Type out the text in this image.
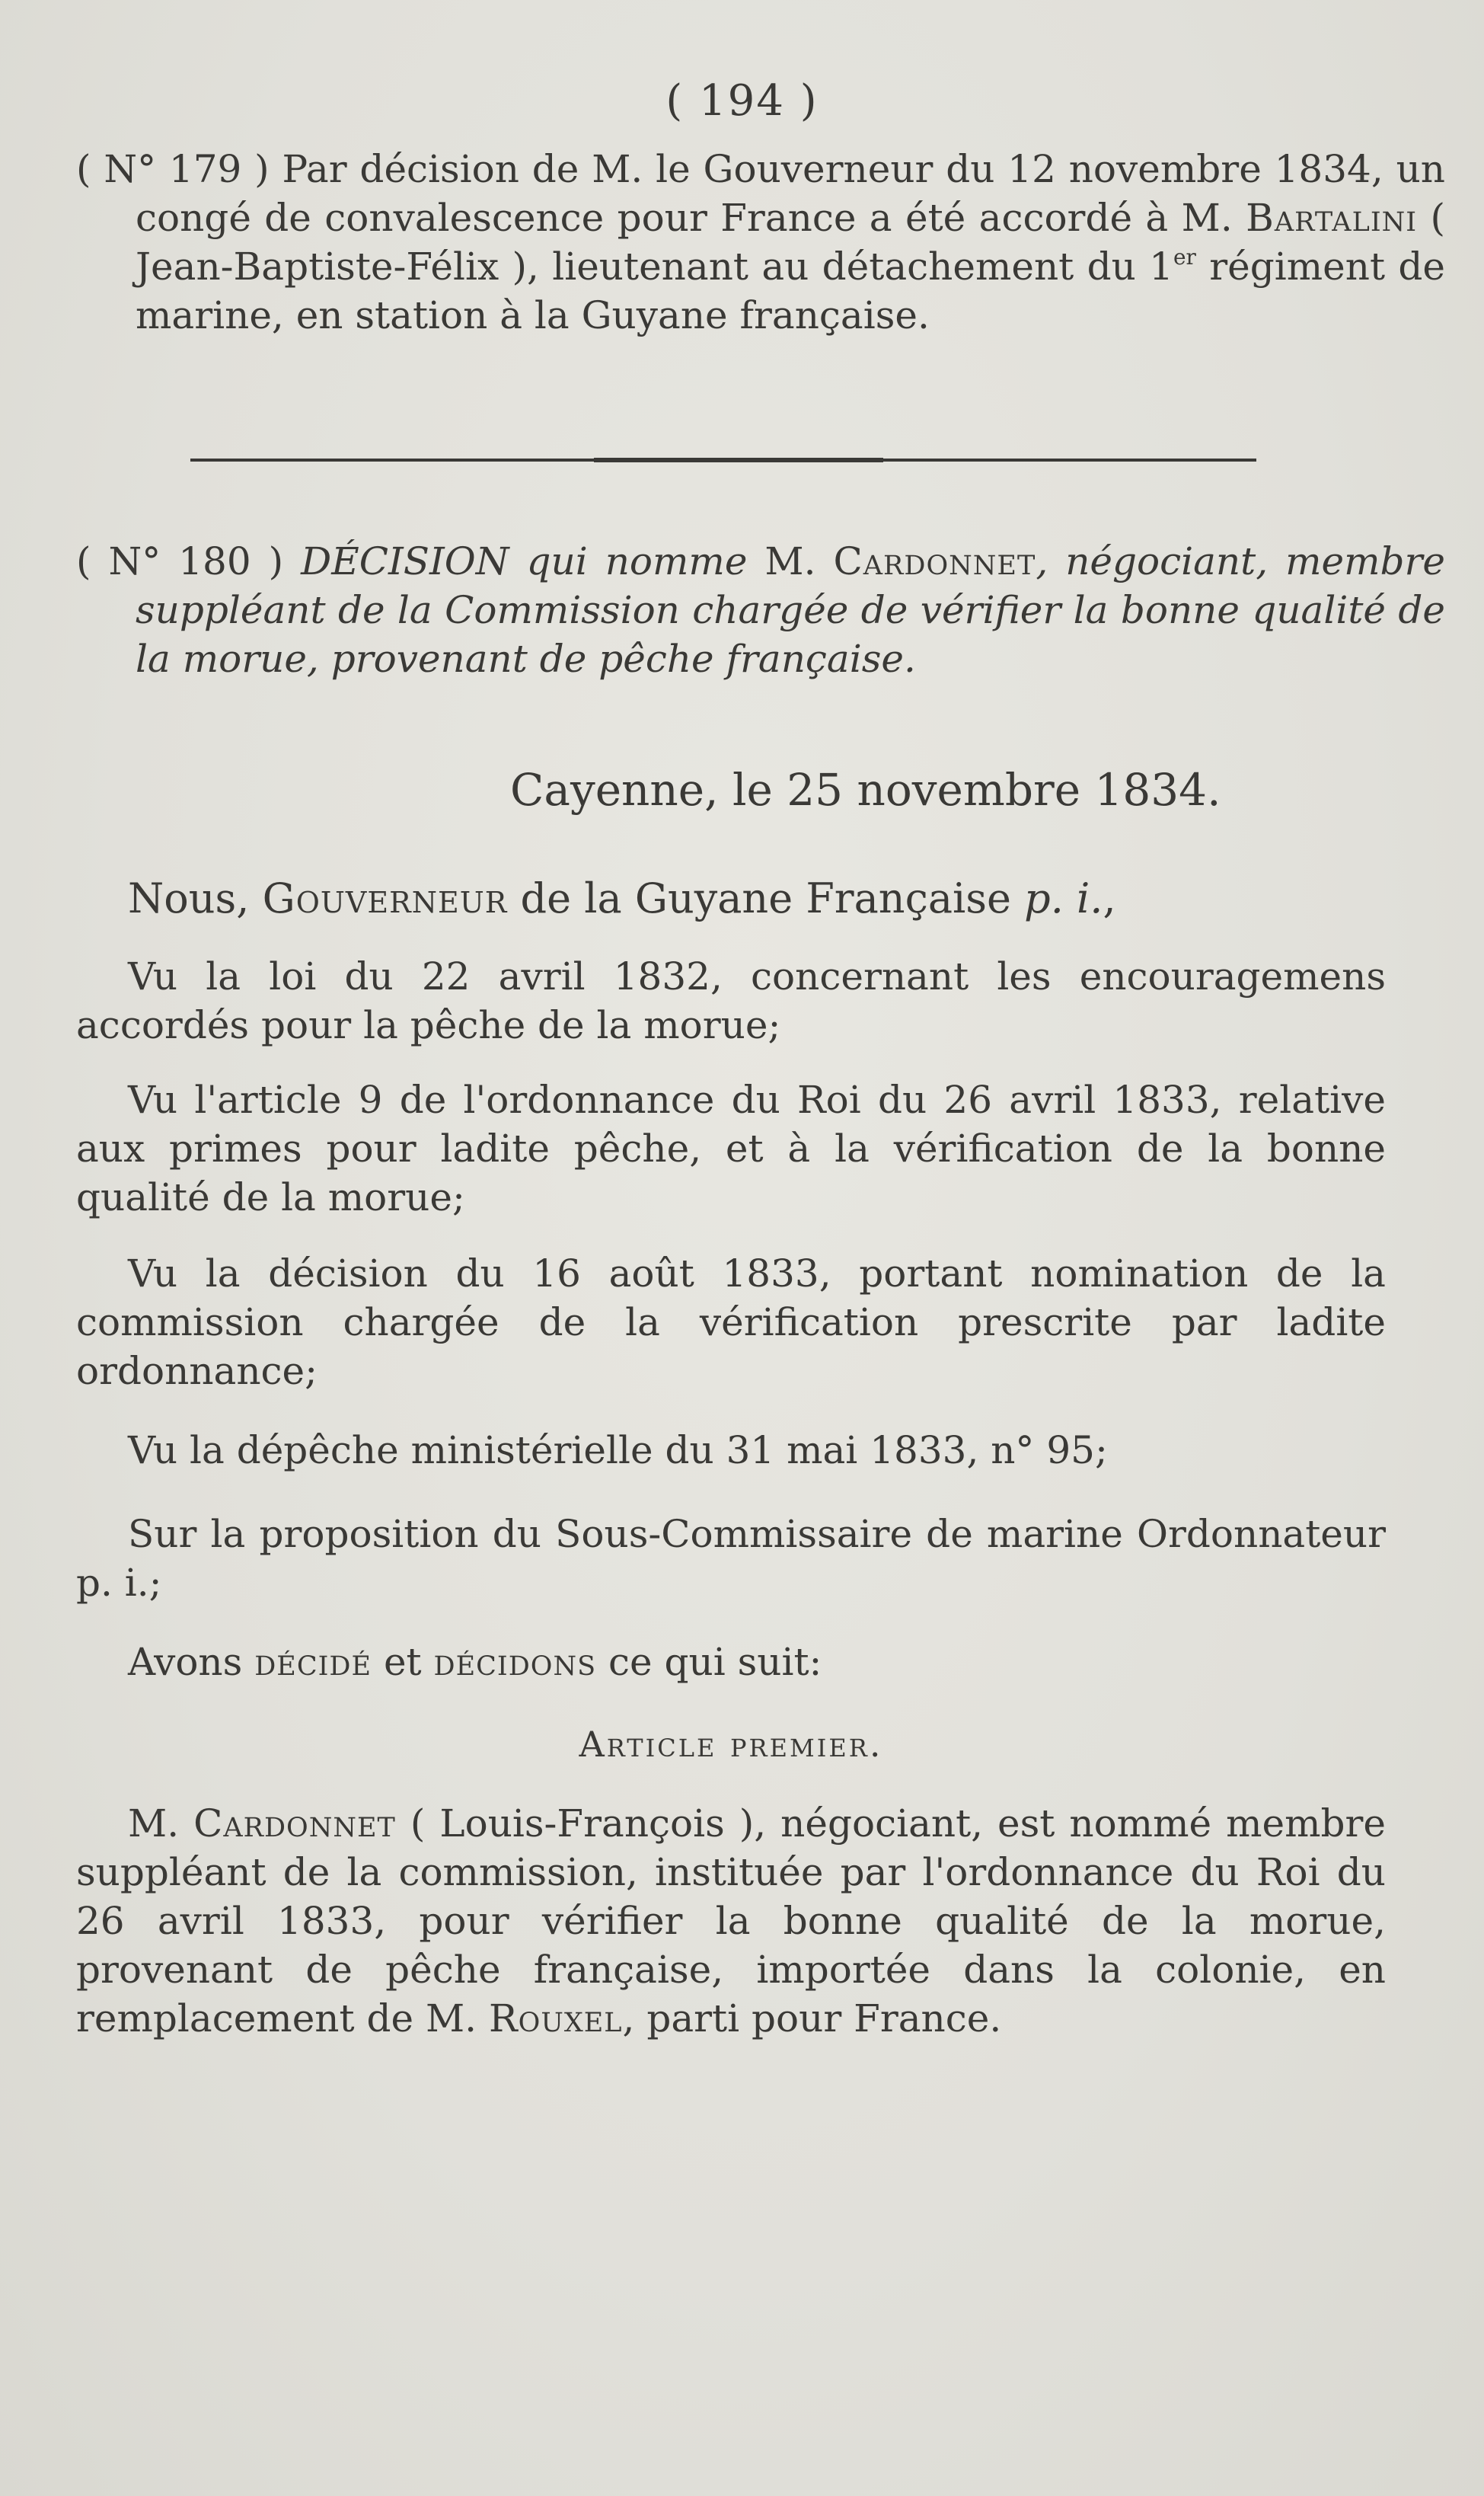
( 194 )
( N° 179 ) Par décision de M. le Gouverneur du 12 novembre 1834, un congé de convalescence pour France a été accordé à M. Bartalini ( Jean-Baptiste-Félix ), lieutenant au détachement du 1er régiment de marine, en station à la Guyane française.
( N° 180 ) DÉCISION qui nomme M. Cardonnet, négociant, membre suppléant de la Commission chargée de vérifier la bonne qualité de la morue, provenant de pêche française.
Cayenne, le 25 novembre 1834.
Nous, Gouverneur de la Guyane Française p. i.,
Vu la loi du 22 avril 1832, concernant les encouragemens accordés pour la pêche de la morue;
Vu l'article 9 de l'ordonnance du Roi du 26 avril 1833, relative aux primes pour ladite pêche, et à la vérification de la bonne qualité de la morue;
Vu la décision du 16 août 1833, portant nomination de la commission chargée de la vérification prescrite par ladite ordonnance;
Vu la dépêche ministérielle du 31 mai 1833, n° 95;
Sur la proposition du Sous-Commissaire de marine Ordonnateur p. i.;
Avons décidé et décidons ce qui suit:
Article premier.
M. Cardonnet ( Louis-François ), négociant, est nommé membre suppléant de la commission, instituée par l'ordonnance du Roi du 26 avril 1833, pour vérifier la bonne qualité de la morue, provenant de pêche française, importée dans la colonie, en remplacement de M. Rouxel, parti pour France.
